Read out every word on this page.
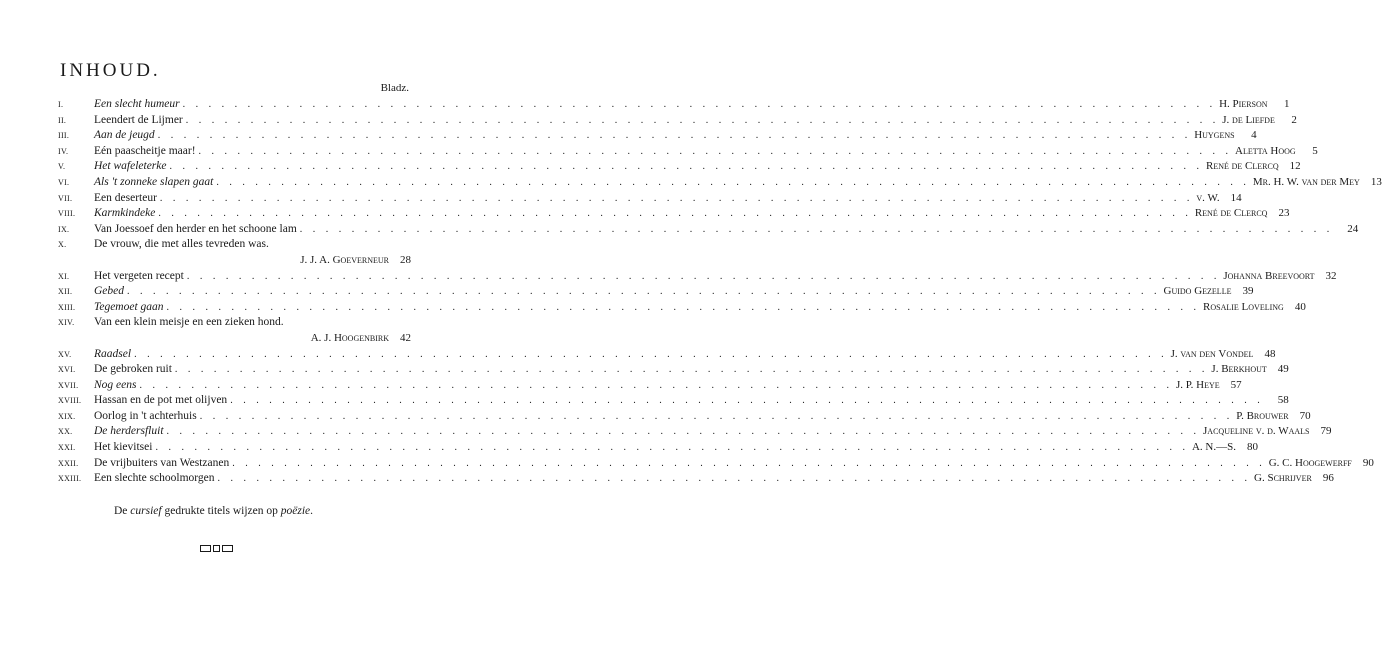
INHOUD.
Bladz.
I.	Een slecht humeur . . . . . . . . . . . . . . . . . . . . . . . . . . . . . . . . . . . . . . . . . . . . . . . . . . . . . . . . . . . . . . . . . . . . . . . . . . . . . . . . H. Pierson	1
II.	Leendert de Lijmer . . . . . . . . . . . . . . . . . . . . . . . . . . . . . . . . . . . . . . . . . . . . . . . . . . . . . . . . . . . . . . . . . . . . . . . . . . . . . . . . J. de Liefde	2
III.	Aan de jeugd . . . . . . . . . . . . . . . . . . . . . . . . . . . . . . . . . . . . . . . . . . . . . . . . . . . . . . . . . . . . . . . . . . . . . . . . . . . . . . . . Huygens	4
IV.	Eén paascheitje maar! . . . . . . . . . . . . . . . . . . . . . . . . . . . . . . . . . . . . . . . . . . . . . . . . . . . . . . . . . . . . . . . . . . . . . . . . . . . . . . . . Aletta Hoog	5
V.	Het wafeleterke . . . . . . . . . . . . . . . . . . . . . . . . . . . . . . . . . . . . . . . . . . . . . . . . . . . . . . . . . . . . . . . . . . . . . . . . . . . . . . . . René de Clercq	12
VI.	Als 't zonneke slapen gaat . . . . . . . . . . . . . . . . . . . . . . . . . . . . . . . . . . . . . . . . . . . . . . . . . . . . . . . . . . . . . . . . . . . . . . . . . . . . . . . . Mr. H. W. van der Mey	13
VII.	Een deserteur . . . . . . . . . . . . . . . . . . . . . . . . . . . . . . . . . . . . . . . . . . . . . . . . . . . . . . . . . . . . . . . . . . . . . . . . . . . . . . . . v. W.	14
VIII.	Karmkindeke . . . . . . . . . . . . . . . . . . . . . . . . . . . . . . . . . . . . . . . . . . . . . . . . . . . . . . . . . . . . . . . . . . . . . . . . . . . . . . . . René de Clercq	23
IX.	Van Joessoef den herder en het schoone lam . . . . . . . . . . . . . . . . . . . . . . . . . . . . . . . . . . . . . . . . . . . . . . . . . . . . . . . . . . . . . . . . . . . . . . . . . . . . . . . .	24
X.	De vrouw, die met alles tevreden was.
J. J. A. Goeverneur	28
XI.	Het vergeten recept . . . . . . . . . . . . . . . . . . . . . . . . . . . . . . . . . . . . . . . . . . . . . . . . . . . . . . . . . . . . . . . . . . . . . . . . . . . . . . . . Johanna Breevoort	32
XII.	Gebed . . . . . . . . . . . . . . . . . . . . . . . . . . . . . . . . . . . . . . . . . . . . . . . . . . . . . . . . . . . . . . . . . . . . . . . . . . . . . . . . Guido Gezelle	39
XIII.	Tegemoet gaan . . . . . . . . . . . . . . . . . . . . . . . . . . . . . . . . . . . . . . . . . . . . . . . . . . . . . . . . . . . . . . . . . . . . . . . . . . . . . . . . Rosalie Loveling	40
XIV.	Van een klein meisje en een zieken hond.
A. J. Hoogenbirk	42
XV.	Raadsel . . . . . . . . . . . . . . . . . . . . . . . . . . . . . . . . . . . . . . . . . . . . . . . . . . . . . . . . . . . . . . . . . . . . . . . . . . . . . . . . J. van den Vondel	48
XVI.	De gebroken ruit . . . . . . . . . . . . . . . . . . . . . . . . . . . . . . . . . . . . . . . . . . . . . . . . . . . . . . . . . . . . . . . . . . . . . . . . . . . . . . . . J. Berkhout	49
XVII.	Nog eens . . . . . . . . . . . . . . . . . . . . . . . . . . . . . . . . . . . . . . . . . . . . . . . . . . . . . . . . . . . . . . . . . . . . . . . . . . . . . . . . J. P. Heye	57
XVIII.	Hassan en de pot met olijven . . . . . . . . . . . . . . . . . . . . . . . . . . . . . . . . . . . . . . . . . . . . . . . . . . . . . . . . . . . . . . . . . . . . . . . . . . . . . . . .	58
XIX.	Oorlog in 't achterhuis . . . . . . . . . . . . . . . . . . . . . . . . . . . . . . . . . . . . . . . . . . . . . . . . . . . . . . . . . . . . . . . . . . . . . . . . . . . . . . . . P. Brouwer	70
XX.	De herdersfluit . . . . . . . . . . . . . . . . . . . . . . . . . . . . . . . . . . . . . . . . . . . . . . . . . . . . . . . . . . . . . . . . . . . . . . . . . . . . . . . . Jacqueline v. d. Waals	79
XXI.	Het kievitsei . . . . . . . . . . . . . . . . . . . . . . . . . . . . . . . . . . . . . . . . . . . . . . . . . . . . . . . . . . . . . . . . . . . . . . . . . . . . . . . . A. N.—S.	80
XXII.	De vrijbuiters van Westzanen . . . . . . . . . . . . . . . . . . . . . . . . . . . . . . . . . . . . . . . . . . . . . . . . . . . . . . . . . . . . . . . . . . . . . . . . . . . . . . . . G. C. Hoogewerff	90
XXIII.	Een slechte schoolmorgen . . . . . . . . . . . . . . . . . . . . . . . . . . . . . . . . . . . . . . . . . . . . . . . . . . . . . . . . . . . . . . . . . . . . . . . . . . . . . . . . G. Schrijver	96
De cursief gedrukte titels wijzen op poëzie.
